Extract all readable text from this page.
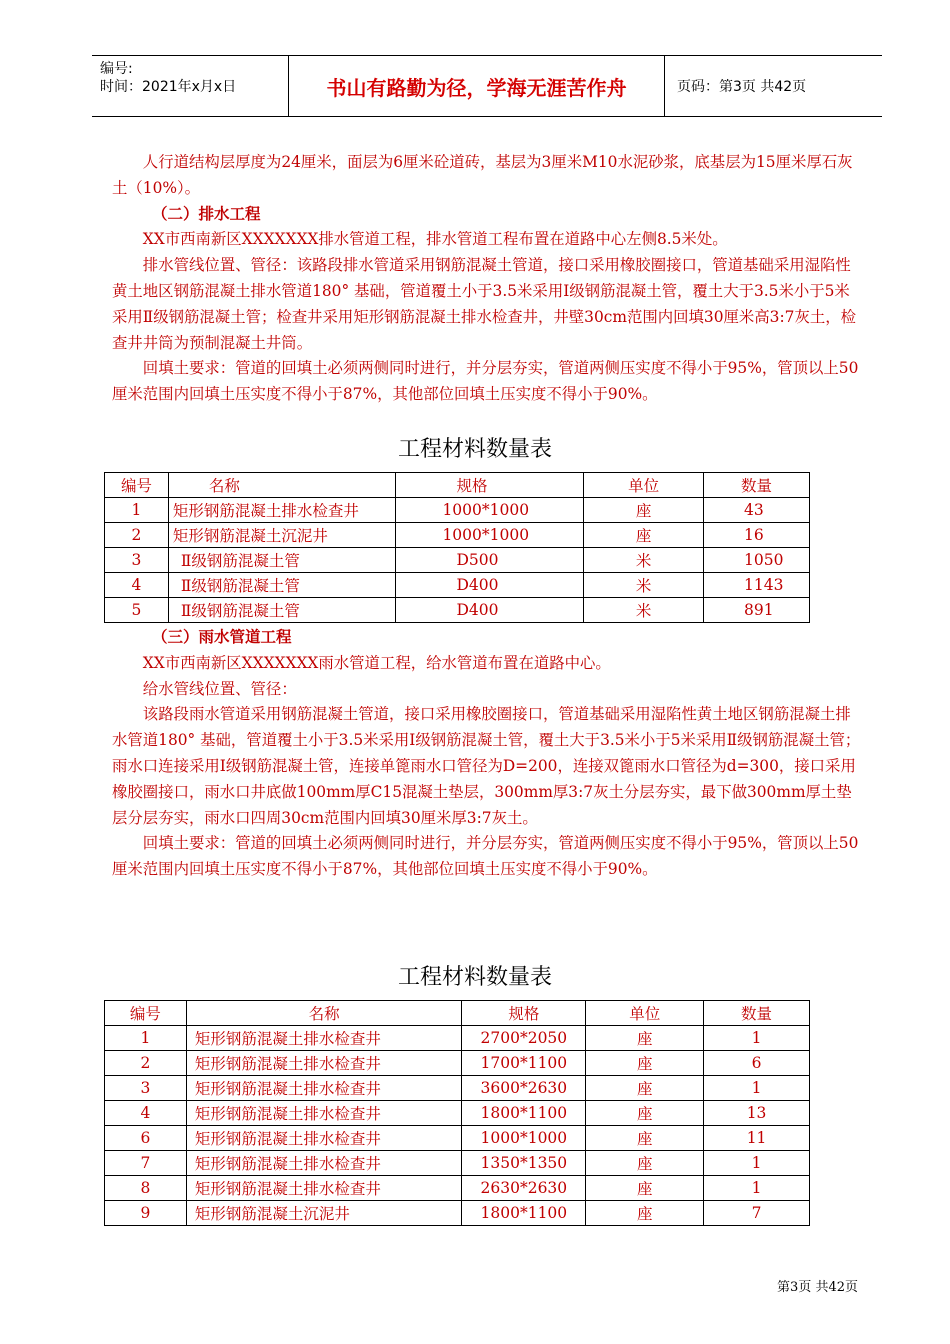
编号:
时间：2021年x月x日	书山有路勤为径，学海无涯苦作舟	页码：第3页 共42页

人行道结构层厚度为24厘米，面层为6厘米砼道砖，基层为3厘米M10水泥砂浆，底基层为15厘米厚石灰土（10%）。

（二）排水工程

XX市西南新区XXXXXXX排水管道工程，排水管道工程布置在道路中心左侧8.5米处。

排水管线位置、管径：该路段排水管道采用钢筋混凝土管道，接口采用橡胶圈接口，管道基础采用湿陷性黄土地区钢筋混凝土排水管道180° 基础，管道覆土小于3.5米采用Ⅰ级钢筋混凝土管，覆土大于3.5米小于5米采用Ⅱ级钢筋混凝土管；检查井采用矩形钢筋混凝土排水检查井，井壁30cm范围内回填30厘米高3:7灰土，检查井井筒为预制混凝土井筒。

回填土要求：管道的回填土必须两侧同时进行，并分层夯实，管道两侧压实度不得小于95%，管顶以上50厘米范围内回填土压实度不得小于87%，其他部位回填土压实度不得小于90%。

工程材料数量表
编号	名称	规格	单位	数量
1	矩形钢筋混凝土排水检查井	1000*1000	座	43
2	矩形钢筋混凝土沉泥井	1000*1000	座	16
3	Ⅱ级钢筋混凝土管	D500	米	1050
4	Ⅱ级钢筋混凝土管	D400	米	1143
5	Ⅱ级钢筋混凝土管	D400	米	891

（三）雨水管道工程

XX市西南新区XXXXXXX雨水管道工程，给水管道布置在道路中心。

给水管线位置、管径：

该路段雨水管道采用钢筋混凝土管道，接口采用橡胶圈接口，管道基础采用湿陷性黄土地区钢筋混凝土排水管道180° 基础，管道覆土小于3.5米采用Ⅰ级钢筋混凝土管，覆土大于3.5米小于5米采用Ⅱ级钢筋混凝土管；雨水口连接采用Ⅰ级钢筋混凝土管，连接单篦雨水口管径为D=200，连接双篦雨水口管径为d=300，接口采用橡胶圈接口，雨水口井底做100mm厚C15混凝土垫层，300mm厚3:7灰土分层夯实，最下做300mm厚土垫层分层夯实，雨水口四周30cm范围内回填30厘米厚3:7灰土。

回填土要求：管道的回填土必须两侧同时进行，并分层夯实，管道两侧压实度不得小于95%，管顶以上50厘米范围内回填土压实度不得小于87%，其他部位回填土压实度不得小于90%。

工程材料数量表
编号	名称	规格	单位	数量
1	矩形钢筋混凝土排水检查井	2700*2050	座	1
2	矩形钢筋混凝土排水检查井	1700*1100	座	6
3	矩形钢筋混凝土排水检查井	3600*2630	座	1
4	矩形钢筋混凝土排水检查井	1800*1100	座	13
6	矩形钢筋混凝土排水检查井	1000*1000	座	11
7	矩形钢筋混凝土排水检查井	1350*1350	座	1
8	矩形钢筋混凝土排水检查井	2630*2630	座	1
9	矩形钢筋混凝土沉泥井	1800*1100	座	7
第3页 共42页
